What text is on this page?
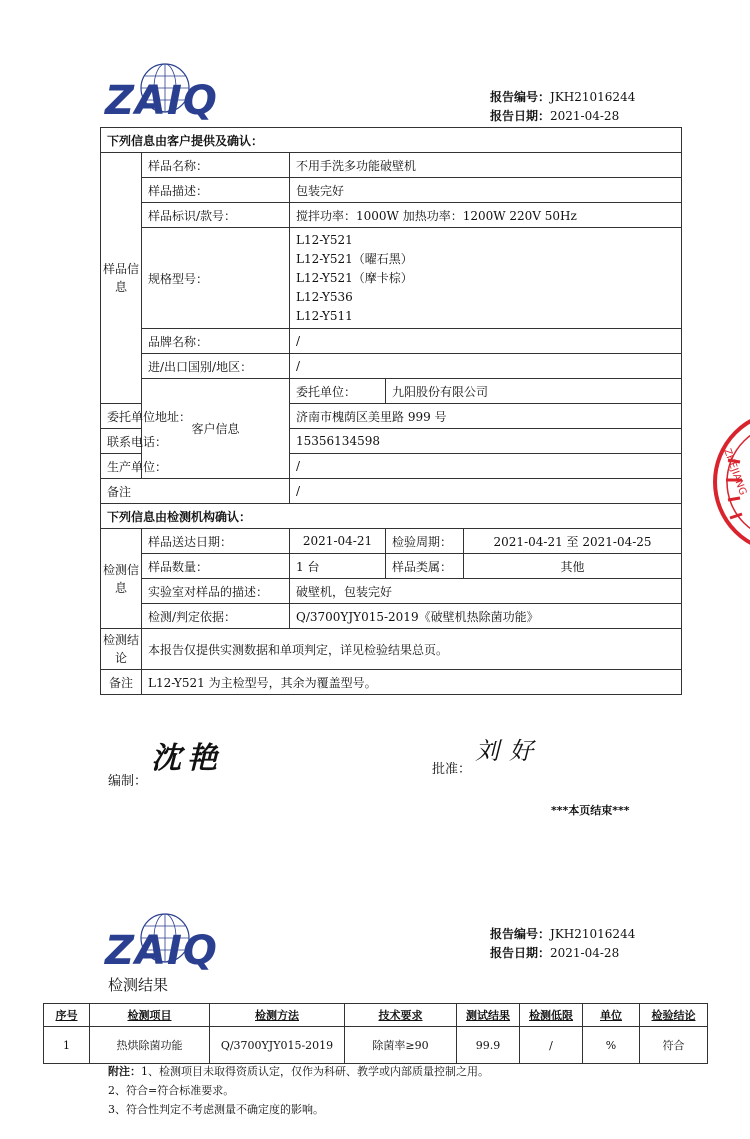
ZAIQ	报告编号：JKH21016244
报告日期：2021-04-28
下列信息由客户提供及确认：				
样品信息	样品名称：	不用手洗多功能破壁机		
	样品描述：	包装完好		
	样品标识/款号：	搅拌功率：1000W 加热功率：1200W 220V 50Hz		
	规格型号：	L12-Y521
L12-Y521（曜石黑）
L12-Y521（摩卡棕）
L12-Y536
L12-Y511		

	品牌名称：	/		
	进/出口国别/地区：	/		
	客户信息	委托单位：	九阳股份有限公司	
委托单位地址：		济南市槐荫区美里路 999 号		
联系电话：		15356134598		
生产单位：		/		
备注		/		
下列信息由检测机构确认：				
检测信息	样品送达日期：	2021-04-21	检验周期：	2021-04-21 至 2021-04-25
	样品数量：	1 台	样品类属：	其他
	实验室对样品的描述：	破壁机，包装完好		
	检测/判定依据：	Q/3700YJY015-2019《破壁机热除菌功能》		
检测结论	本报告仅提供实测数据和单项判定，详见检验结果总页。			
备注	L12-Y521 为主检型号，其余为覆盖型号。			
编制： 沈艳	批准： 刘好
***本页结束***
ZHEJIANG
ZAIQ	报告编号：JKH21016244
报告日期：2021-04-28
检测结果
序号	检测项目	检测方法	技术要求	测试结果	检测低限	单位	检验结论
1	热烘除菌功能	Q/3700YJY015-2019	除菌率≥90	99.9	/	%	符合
附注：1、检测项目未取得资质认定，仅作为科研、教学或内部质量控制之用。
2、符合=符合标准要求。
3、符合性判定不考虑测量不确定度的影响。
